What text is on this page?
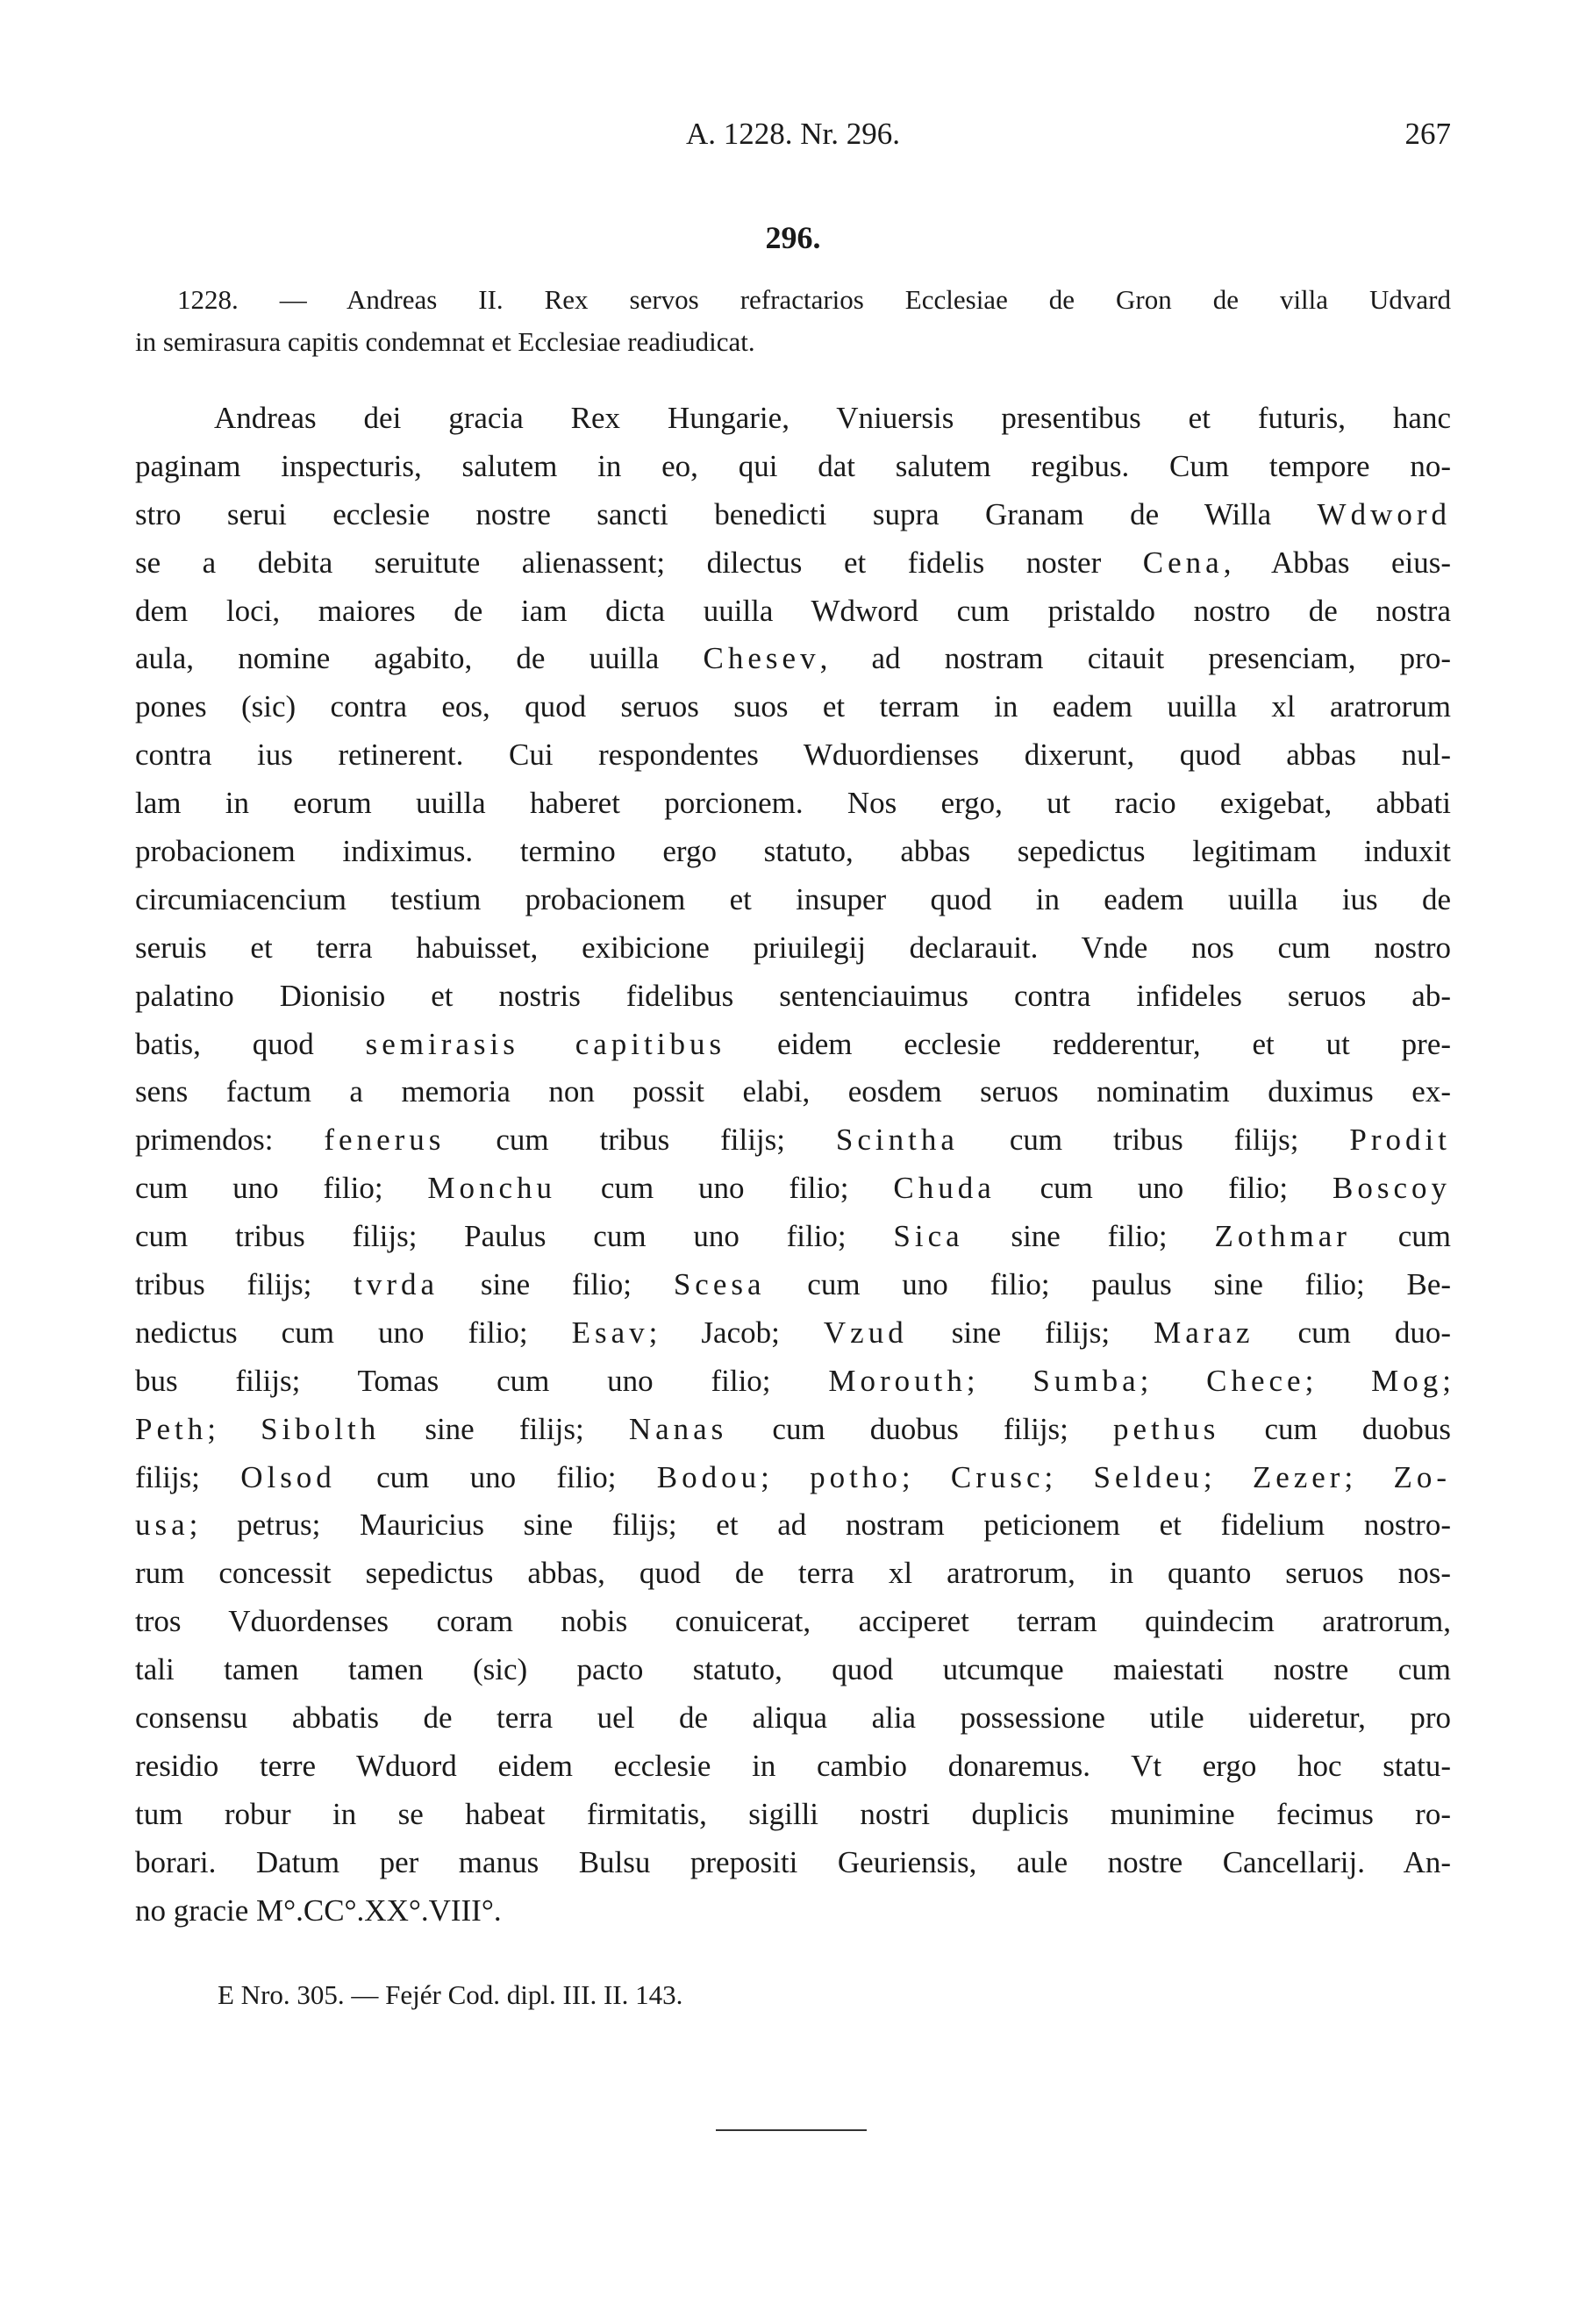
A. 1228. Nr. 296.	267
296.
1228. — Andreas II. Rex servos refractarios Ecclesiae de Gron de villa Udvard
in semirasura capitis condemnat et Ecclesiae readiudicat.
Andreas dei gracia Rex Hungarie, Vniuersis presentibus et futuris, hanc
paginam inspecturis, salutem in eo, qui dat salutem regibus. Cum tempore no-
stro serui ecclesie nostre sancti benedicti supra Granam de Willa Wdword
se a debita seruitute alienassent; dilectus et fidelis noster Cena, Abbas eius-
dem loci, maiores de iam dicta uuilla Wdword cum pristaldo nostro de nostra
aula, nomine agabito, de uuilla Chesev, ad nostram citauit presenciam, pro-
pones (sic) contra eos, quod seruos suos et terram in eadem uuilla xl aratrorum
contra ius retinerent. Cui respondentes Wduordienses dixerunt, quod abbas nul-
lam in eorum uuilla haberet porcionem. Nos ergo, ut racio exigebat, abbati
probacionem indiximus. termino ergo statuto, abbas sepedictus legitimam induxit
circumiacencium testium probacionem et insuper quod in eadem uuilla ius de
seruis et terra habuisset, exibicione priuilegij declarauit. Vnde nos cum nostro
palatino Dionisio et nostris fidelibus sentenciauimus contra infideles seruos ab-
batis, quod semirasis capitibus eidem ecclesie redderentur, et ut pre-
sens factum a memoria non possit elabi, eosdem seruos nominatim duximus ex-
primendos: fenerus cum tribus filijs; Scintha cum tribus filijs; Prodit
cum uno filio; Monchu cum uno filio; Chuda cum uno filio; Boscoy
cum tribus filijs; Paulus cum uno filio; Sica sine filio; Zothmar cum
tribus filijs; tvrda sine filio; Scesa cum uno filio; paulus sine filio; Be-
nedictus cum uno filio; Esav; Jacob; Vzud sine filijs; Maraz cum duo-
bus filijs; Tomas cum uno filio; Morouth; Sumba; Chece; Mog;
Peth; Sibolth sine filijs; Nanas cum duobus filijs; pethus cum duobus
filijs; Olsod cum uno filio; Bodou; potho; Crusc; Seldeu; Zezer; Zo-
usa; petrus; Mauricius sine filijs; et ad nostram peticionem et fidelium nostro-
rum concessit sepedictus abbas, quod de terra xl aratrorum, in quanto seruos nos-
tros Vduordenses coram nobis conuicerat, acciperet terram quindecim aratrorum,
tali tamen tamen (sic) pacto statuto, quod utcumque maiestati nostre cum
consensu abbatis de terra uel de aliqua alia possessione utile uideretur, pro
residio terre Wduord eidem ecclesie in cambio donaremus. Vt ergo hoc statu-
tum robur in se habeat firmitatis, sigilli nostri duplicis munimine fecimus ro-
borari. Datum per manus Bulsu prepositi Geuriensis, aule nostre Cancellarij. An-
no gracie M°.CC°.XX°.VIII°.
E Nro. 305. — Fejér Cod. dipl. III. II. 143.
